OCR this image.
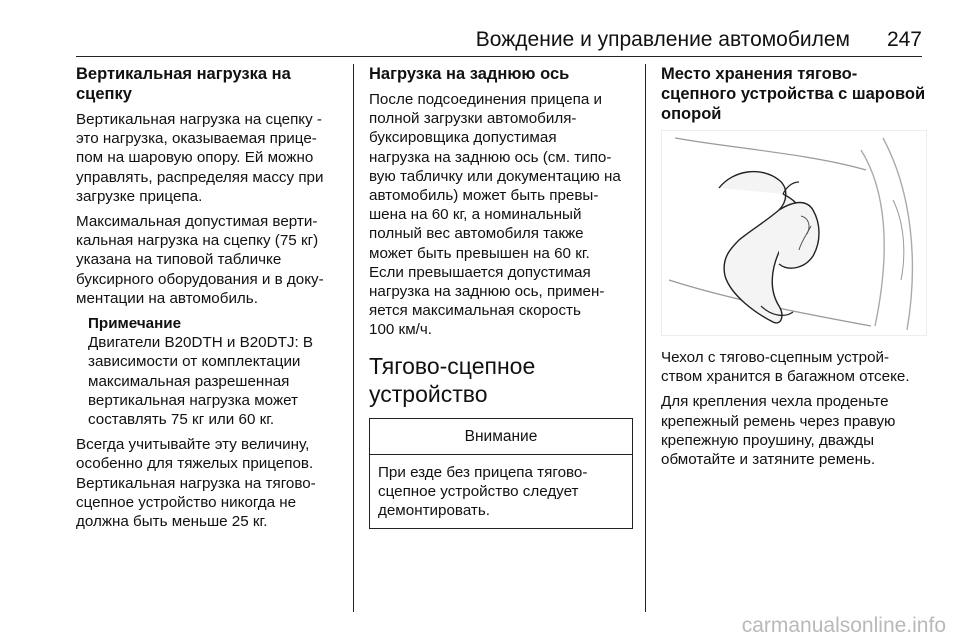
Вождение и управление автомобилем 247
Вертикальная нагрузка на
сцепку

Вертикальная нагрузка на сцепку -
это нагрузка, оказываемая прице-
пом на шаровую опору. Ей можно
управлять, распределяя массу при
загрузке прицепа.

Максимальная допустимая верти-
кальная нагрузка на сцепку (75 кг)
указана на типовой табличке
буксирного оборудования и в доку-
ментации на автомобиль.

Примечание
Двигатели B20DTH и B20DTJ: В
зависимости от комплектации
максимальная разрешенная
вертикальная нагрузка может
составлять 75 кг или 60 кг.

Всегда учитывайте эту величину,
особенно для тяжелых прицепов.
Вертикальная нагрузка на тягово-
сцепное устройство никогда не
должна быть меньше 25 кг.

Нагрузка на заднюю ось

После подсоединения прицепа и
полной загрузки автомобиля-
буксировщика допустимая
нагрузка на заднюю ось (см. типо-
вую табличку или документацию на
автомобиль) может быть превы-
шена на 60 кг, а номинальный
полный вес автомобиля также
может быть превышен на 60 кг.
Если превышается допустимая
нагрузка на заднюю ось, примен-
яется максимальная скорость
100 км/ч.

Тягово-сцепное
устройство
Внимание
При езде без прицепа тягово-
сцепное устройство следует
демонтировать.
Место хранения тягово-
сцепного устройства с шаровой
опорой

Чехол с тягово-сцепным устрой-
ством хранится в багажном отсеке.

Для крепления чехла проденьте
крепежный ремень через правую
крепежную проушину, дважды
обмотайте и затяните ремень.

carmanualsonline.info
